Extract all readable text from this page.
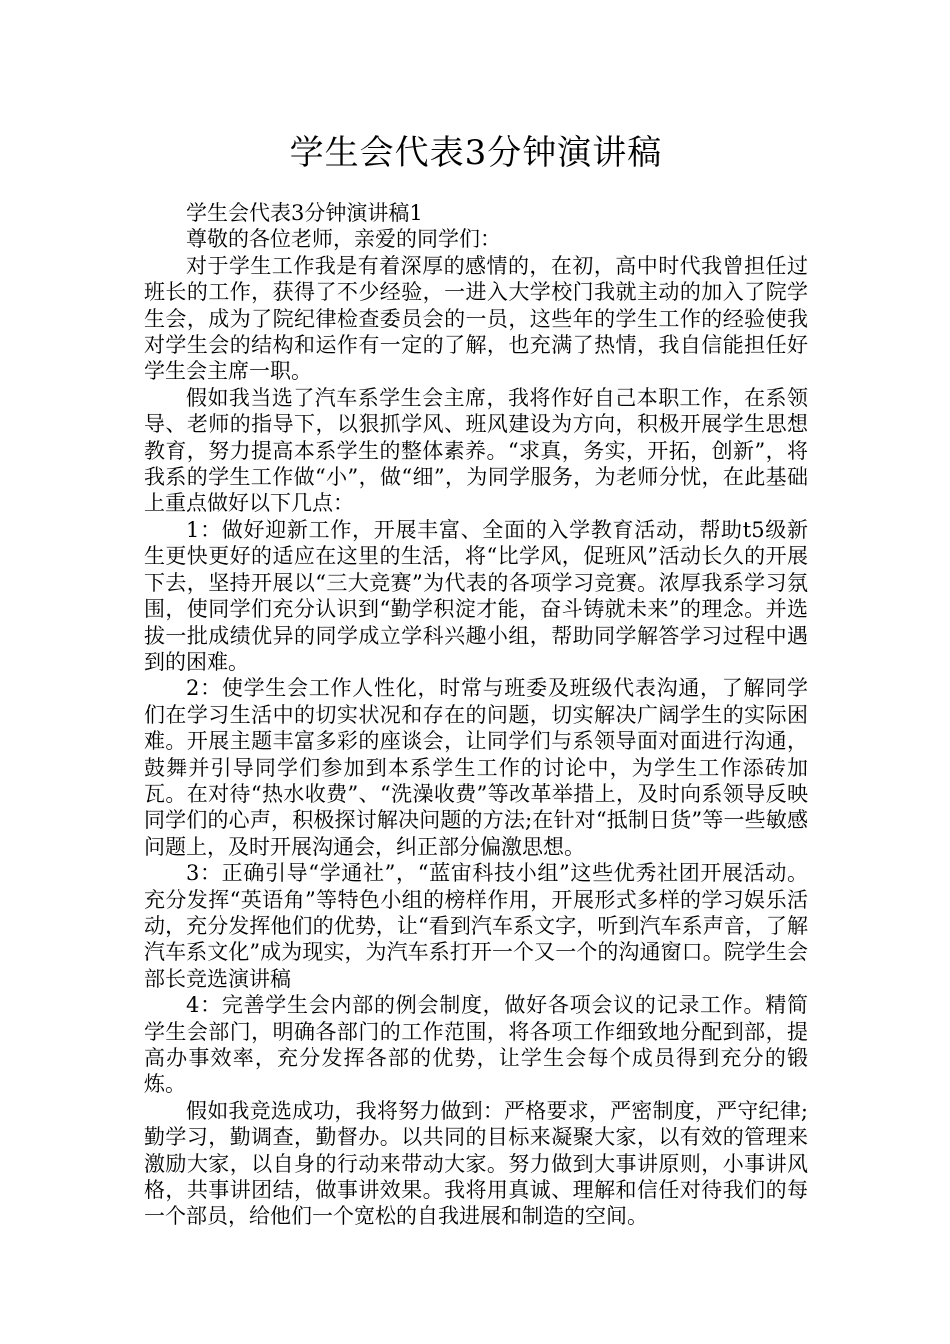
学生会代表3分钟演讲稿

学生会代表3分钟演讲稿1

尊敬的各位老师，亲爱的同学们：

对于学生工作我是有着深厚的感情的，在初，高中时代我曾担任过班长的工作，获得了不少经验，一进入大学校门我就主动的加入了院学生会，成为了院纪律检查委员会的一员，这些年的学生工作的经验使我对学生会的结构和运作有一定的了解，也充满了热情，我自信能担任好学生会主席一职。

假如我当选了汽车系学生会主席，我将作好自己本职工作，在系领导、老师的指导下，以狠抓学风、班风建设为方向，积极开展学生思想教育，努力提高本系学生的整体素养。“求真，务实，开拓，创新”，将我系的学生工作做“小”，做“细”，为同学服务，为老师分忧，在此基础上重点做好以下几点：

1：做好迎新工作，开展丰富、全面的入学教育活动，帮助t5级新生更快更好的适应在这里的生活，将“比学风，促班风”活动长久的开展下去，坚持开展以“三大竞赛”为代表的各项学习竞赛。浓厚我系学习氛围，使同学们充分认识到“勤学积淀才能，奋斗铸就未来”的理念。并选拔一批成绩优异的同学成立学科兴趣小组，帮助同学解答学习过程中遇到的困难。

2：使学生会工作人性化，时常与班委及班级代表沟通，了解同学们在学习生活中的切实状况和存在的问题，切实解决广阔学生的实际困难。开展主题丰富多彩的座谈会，让同学们与系领导面对面进行沟通，鼓舞并引导同学们参加到本系学生工作的讨论中，为学生工作添砖加瓦。在对待“热水收费”、“洗澡收费”等改革举措上，及时向系领导反映同学们的心声，积极探讨解决问题的方法;在针对“抵制日货”等一些敏感问题上，及时开展沟通会，纠正部分偏激思想。

3：正确引导“学通社”，“蓝宙科技小组”这些优秀社团开展活动。充分发挥“英语角”等特色小组的榜样作用，开展形式多样的学习娱乐活动，充分发挥他们的优势，让“看到汽车系文字，听到汽车系声音，了解汽车系文化”成为现实，为汽车系打开一个又一个的沟通窗口。院学生会部长竞选演讲稿

4：完善学生会内部的例会制度，做好各项会议的记录工作。精简学生会部门，明确各部门的工作范围，将各项工作细致地分配到部，提高办事效率，充分发挥各部的优势，让学生会每个成员得到充分的锻炼。

假如我竞选成功，我将努力做到：严格要求，严密制度，严守纪律;勤学习，勤调查，勤督办。以共同的目标来凝聚大家，以有效的管理来激励大家，以自身的行动来带动大家。努力做到大事讲原则，小事讲风格，共事讲团结，做事讲效果。我将用真诚、理解和信任对待我们的每一个部员，给他们一个宽松的自我进展和制造的空间。
